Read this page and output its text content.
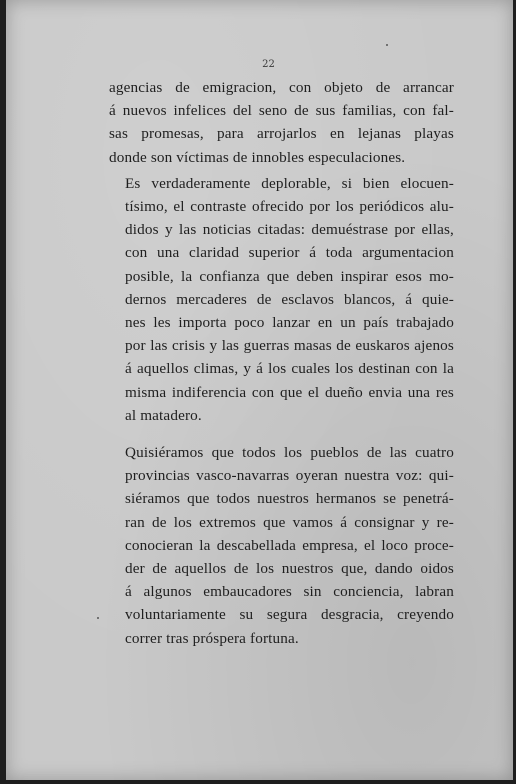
22

agencias de emigracion, con objeto de arrancar
á nuevos infelices del seno de sus familias, con fal-
sas promesas, para arrojarlos en lejanas playas
donde son víctimas de innobles especulaciones.

Es verdaderamente deplorable, si bien elocuen-
tísimo, el contraste ofrecido por los periódicos alu-
didos y las noticias citadas: demuéstrase por ellas,
con una claridad superior á toda argumentacion
posible, la confianza que deben inspirar esos mo-
dernos mercaderes de esclavos blancos, á quie-
nes les importa poco lanzar en un país trabajado
por las crisis y las guerras masas de euskaros ajenos
á aquellos climas, y á los cuales los destinan con la
misma indiferencia con que el dueño envia una res
al matadero.

Quisiéramos que todos los pueblos de las cuatro
provincias vasco-navarras oyeran nuestra voz: qui-
siéramos que todos nuestros hermanos se penetrá-
ran de los extremos que vamos á consignar y re-
conocieran la descabellada empresa, el loco proce-
der de aquellos de los nuestros que, dando oidos
á algunos embaucadores sin conciencia, labran
voluntariamente su segura desgracia, creyendo
correr tras próspera fortuna.
